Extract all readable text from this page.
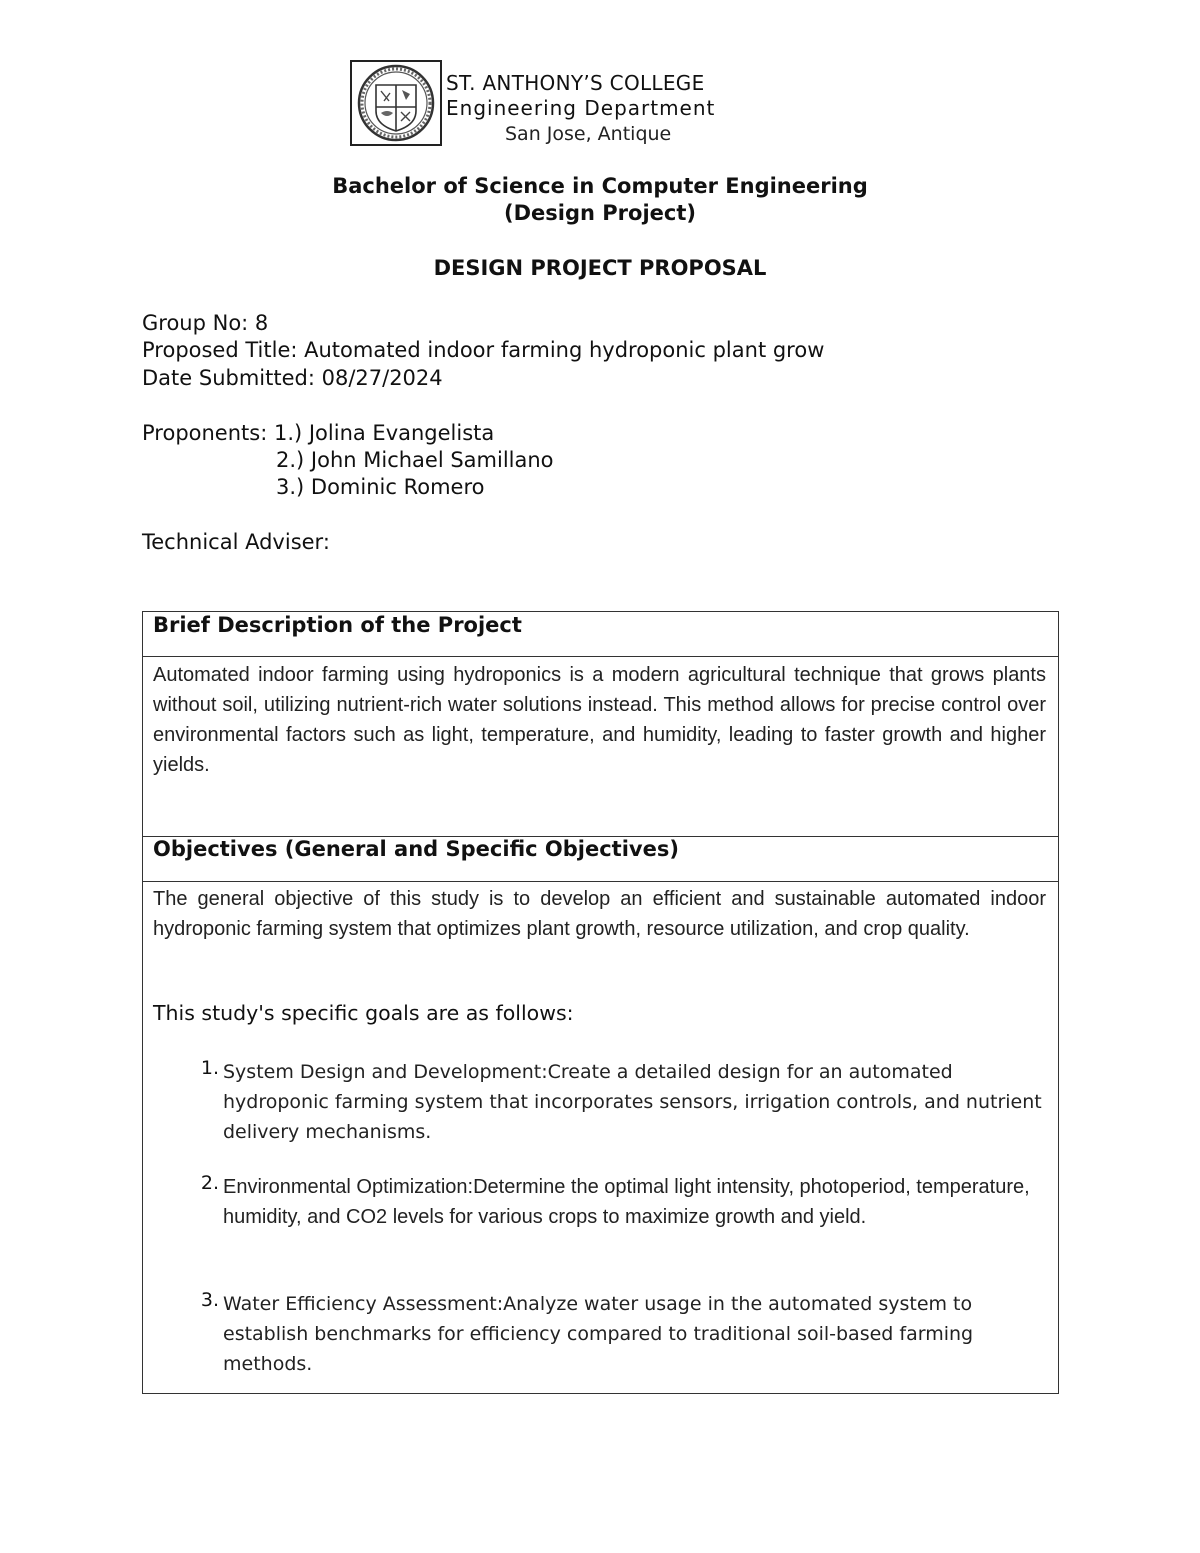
ST. ANTHONY’S COLLEGE
Engineering Department
San Jose, Antique
Bachelor of Science in Computer Engineering
(Design Project)
DESIGN PROJECT PROPOSAL
Group No: 8
Proposed Title: Automated indoor farming hydroponic plant grow
Date Submitted: 08/27/2024
Proponents: 1.) Jolina Evangelista
2.) John Michael Samillano
3.) Dominic Romero
Technical Adviser:
Brief Description of the Project
Automated indoor farming using hydroponics is a modern agricultural technique that grows plants without soil, utilizing nutrient-rich water solutions instead. This method allows for precise control over environmental factors such as light, temperature, and humidity, leading to faster growth and higher yields.
Objectives (General and Specific Objectives)
The general objective of this study is to develop an efficient and sustainable automated indoor hydroponic farming system that optimizes plant growth, resource utilization, and crop quality.
This study's specific goals are as follows:
1. System Design and Development:Create a detailed design for an automated hydroponic farming system that incorporates sensors, irrigation controls, and nutrient delivery mechanisms.
2. Environmental Optimization:Determine the optimal light intensity, photoperiod, temperature, humidity, and CO2 levels for various crops to maximize growth and yield.
3. Water Efficiency Assessment:Analyze water usage in the automated system to establish benchmarks for efficiency compared to traditional soil-based farming methods.
